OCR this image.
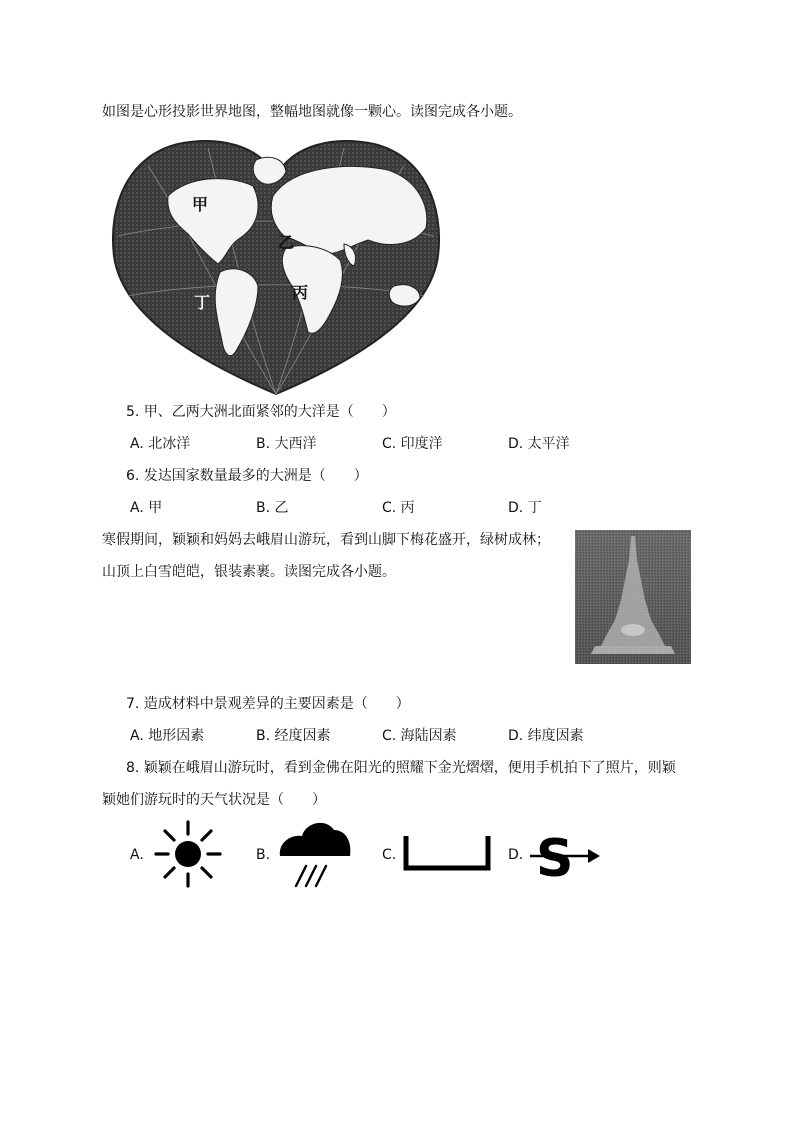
如图是心形投影世界地图，整幅地图就像一颗心。读图完成各小题。
甲
乙
丙
丁
5. 甲、乙两大洲北面紧邻的大洋是（　　）
A. 北冰洋	B. 大西洋	C. 印度洋	D. 太平洋
6. 发达国家数量最多的大洲是（　　）
A. 甲	B. 乙	C. 丙	D. 丁
寒假期间，颖颖和妈妈去峨眉山游玩，看到山脚下梅花盛开，绿树成林；
山顶上白雪皑皑，银装素裹。读图完成各小题。
7. 造成材料中景观差异的主要因素是（　　）
A. 地形因素	B. 经度因素	C. 海陆因素	D. 纬度因素
8. 颖颖在峨眉山游玩时，看到金佛在阳光的照耀下金光熠熠，便用手机拍下了照片，则颖
颖她们游玩时的天气状况是（　　）
A.	B.	C.	D. S
